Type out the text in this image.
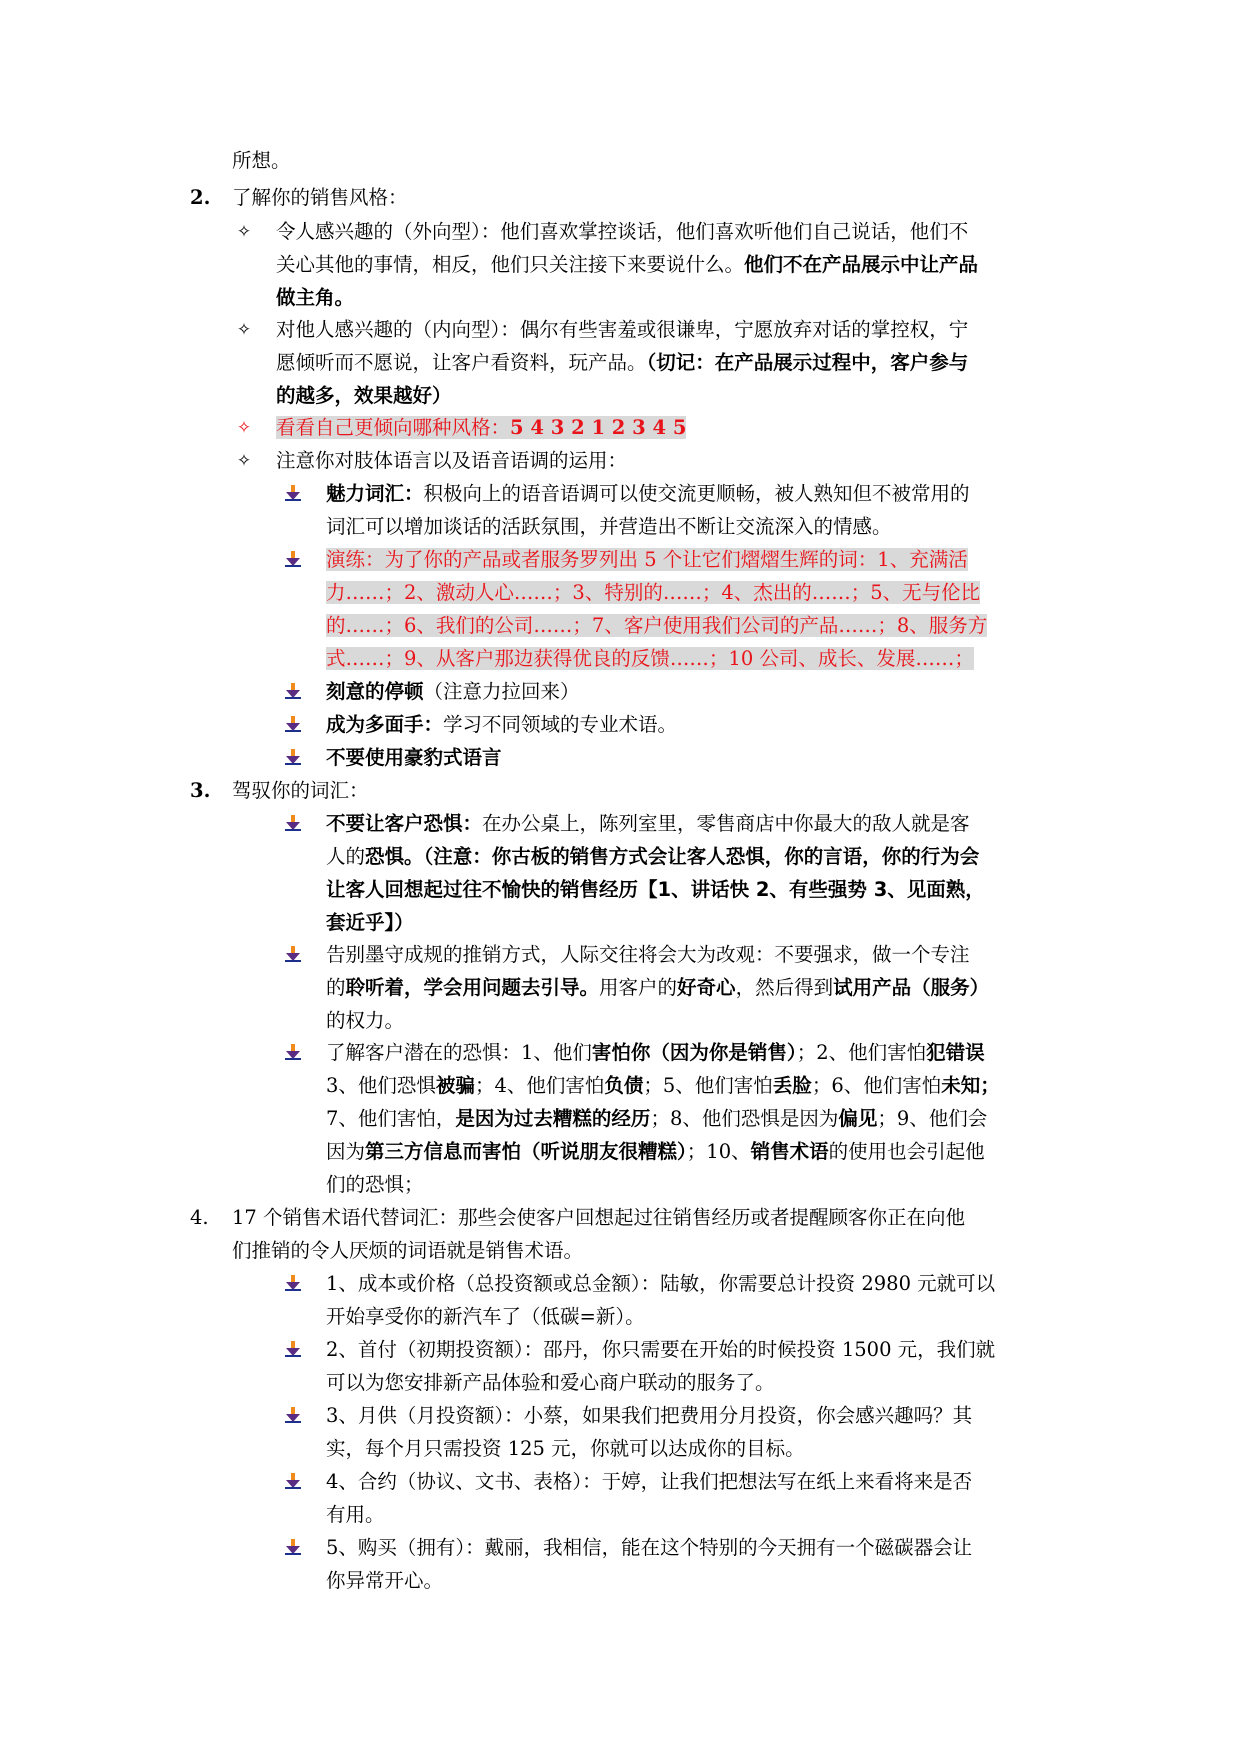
所想。
2. 了解你的销售风格：
✧ 令人感兴趣的（外向型）：他们喜欢掌控谈话，他们喜欢听他们自己说话，他们不
关心其他的事情，相反，他们只关注接下来要说什么。他们不在产品展示中让产品
做主角。
✧ 对他人感兴趣的（内向型）：偶尔有些害羞或很谦卑，宁愿放弃对话的掌控权，宁
愿倾听而不愿说，让客户看资料，玩产品。（切记：在产品展示过程中，客户参与
的越多，效果越好）
✧ 看看自己更倾向哪种风格：5 4 3 2 1 2 3 4 5
✧ 注意你对肢体语言以及语音语调的运用：
魅力词汇：积极向上的语音语调可以使交流更顺畅，被人熟知但不被常用的
词汇可以增加谈话的活跃氛围，并营造出不断让交流深入的情感。
演练：为了你的产品或者服务罗列出 5 个让它们熠熠生辉的词：1、充满活
力……；2、激动人心……；3、特别的……；4、杰出的……；5、无与伦比
的……；6、我们的公司……；7、客户使用我们公司的产品……；8、服务方
式……；9、从客户那边获得优良的反馈……；10 公司、成长、发展……；
刻意的停顿（注意力拉回来）
成为多面手：学习不同领域的专业术语。
不要使用豪豹式语言
3. 驾驭你的词汇：
不要让客户恐惧：在办公桌上，陈列室里，零售商店中你最大的敌人就是客
人的恐惧。（注意：你古板的销售方式会让客人恐惧，你的言语，你的行为会
让客人回想起过往不愉快的销售经历【1、讲话快 2、有些强势 3、见面熟，
套近乎】）
告别墨守成规的推销方式，人际交往将会大为改观：不要强求，做一个专注
的聆听着，学会用问题去引导。用客户的好奇心，然后得到试用产品（服务）
的权力。
了解客户潜在的恐惧：1、他们害怕你（因为你是销售）；2、他们害怕犯错误
3、他们恐惧被骗；4、他们害怕负债；5、他们害怕丢脸；6、他们害怕未知；
7、他们害怕，是因为过去糟糕的经历；8、他们恐惧是因为偏见；9、他们会
因为第三方信息而害怕（听说朋友很糟糕）；10、销售术语的使用也会引起他
们的恐惧；
4. 17 个销售术语代替词汇：那些会使客户回想起过往销售经历或者提醒顾客你正在向他
们推销的令人厌烦的词语就是销售术语。
1、成本或价格（总投资额或总金额）：陆敏，你需要总计投资 2980 元就可以
开始享受你的新汽车了（低碳=新）。
2、首付（初期投资额）：邵丹，你只需要在开始的时候投资 1500 元，我们就
可以为您安排新产品体验和爱心商户联动的服务了。
3、月供（月投资额）：小蔡，如果我们把费用分月投资，你会感兴趣吗？其
实，每个月只需投资 125 元，你就可以达成你的目标。
4、合约（协议、文书、表格）：于婷，让我们把想法写在纸上来看将来是否
有用。
5、购买（拥有）：戴丽，我相信，能在这个特别的今天拥有一个磁碳器会让
你异常开心。
